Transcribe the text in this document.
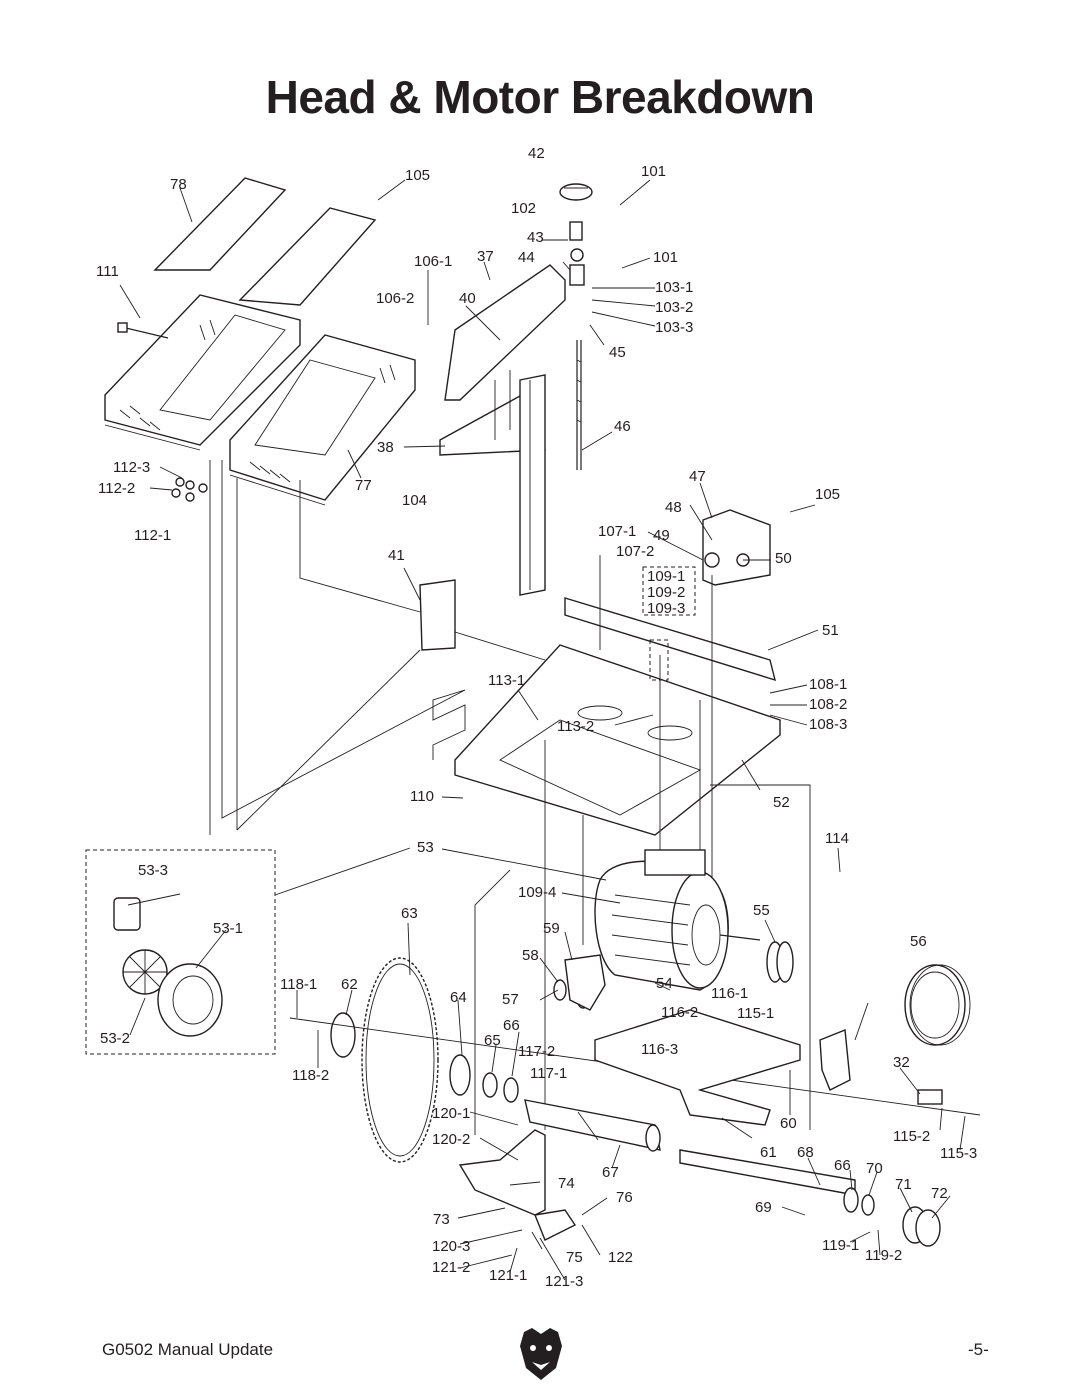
Head & Motor Breakdown
42
101
78
105
102
43
106-1 37 44	101
111
106-2	40
103-1
103-2
103-3
45
46
38
112-3
112-2	77
104
47
105
48
112-1	107-1 49
41	107-2	50
109-1
109-2
109-3
51
113-1	108-1
108-2
113-2	108-3
110	52
114
53
53-3
109-4
63	55
53-1	59
56
58
54
118-1 62
64	116-1
57
66
116-2	115-1
53-2	65
117-2	116-3
32
118-2	117-1
120-1
60
115-2
120-2
61 68	115-3
66 70
67
71
74
72
76
69
73
120-3
75 122
119-1
121-2 121-1
119-2
121-3
G0502 Manual Update	-5-
